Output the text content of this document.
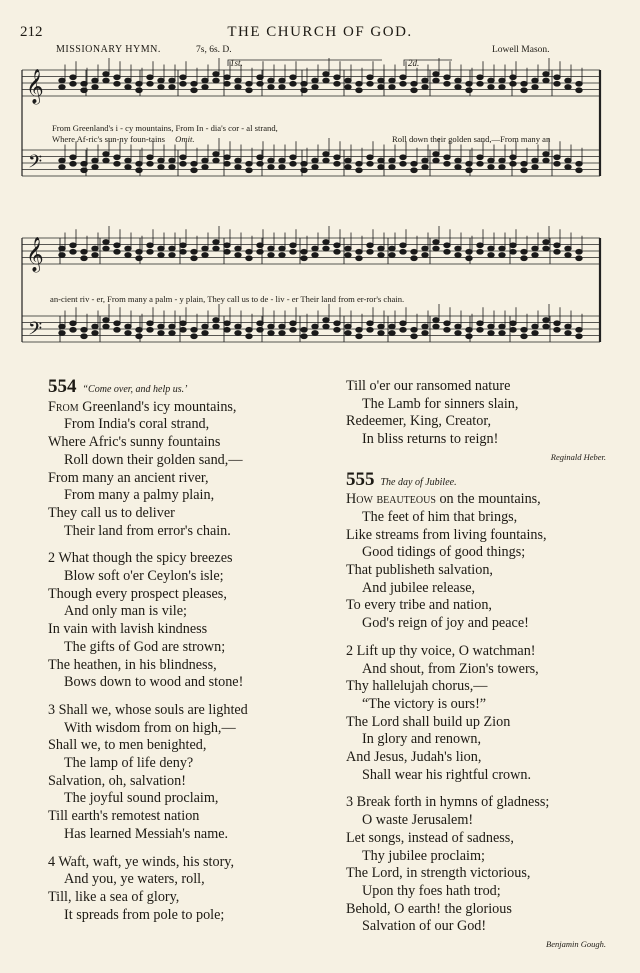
212	THE CHURCH OF GOD.
MISSIONARY HYMN.	7s, 6s. D.	Lowell Mason.
𝄞
𝄞
𝄢
𝄢
1st.	2d.
From Greenland's i - cy mountains, From In - dia's cor - al strand,
Where Af-ric's sun-ny foun-tains Omit.	Roll down their golden sand,—From many an
an-cient riv - er, From many a palm - y plain, They call us to de - liv - er Their land from er-ror's chain.
554 “Come over, and help us.’
From Greenland's icy mountains,
From India's coral strand,
Where Afric's sunny fountains
Roll down their golden sand,—
From many an ancient river,
From many a palmy plain,
They call us to deliver
Their land from error's chain.
2 What though the spicy breezes
Blow soft o'er Ceylon's isle;
Though every prospect pleases,
And only man is vile;
In vain with lavish kindness
The gifts of God are strown;
The heathen, in his blindness,
Bows down to wood and stone!
3 Shall we, whose souls are lighted
With wisdom from on high,—
Shall we, to men benighted,
The lamp of life deny?
Salvation, oh, salvation!
The joyful sound proclaim,
Till earth's remotest nation
Has learned Messiah's name.
4 Waft, waft, ye winds, his story,
And you, ye waters, roll,
Till, like a sea of glory,
It spreads from pole to pole;
Till o'er our ransomed nature
The Lamb for sinners slain,
Redeemer, King, Creator,
In bliss returns to reign!
Reginald Heber.
555 The day of Jubilee.
How beauteous on the mountains,
The feet of him that brings,
Like streams from living fountains,
Good tidings of good things;
That publisheth salvation,
And jubilee release,
To every tribe and nation,
God's reign of joy and peace!
2 Lift up thy voice, O watchman!
And shout, from Zion's towers,
Thy hallelujah chorus,—
“The victory is ours!”
The Lord shall build up Zion
In glory and renown,
And Jesus, Judah's lion,
Shall wear his rightful crown.
3 Break forth in hymns of gladness;
O waste Jerusalem!
Let songs, instead of sadness,
Thy jubilee proclaim;
The Lord, in strength victorious,
Upon thy foes hath trod;
Behold, O earth! the glorious
Salvation of our God!
Benjamin Gough.
